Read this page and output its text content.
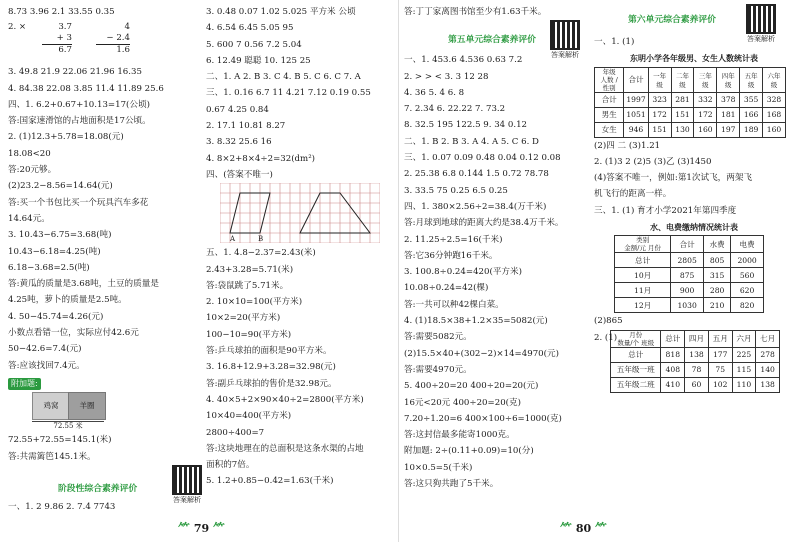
8.73 3.96 2.1 33.55 0.35
2. ×	3.7
+ 3
6.7
4
− 2.4
1.6
3. 49.8 21.9 22.06 21.96 16.35
4. 84.38 22.08 3.85 11.4 11.89 25.6
四、1. 6.2+0.67+10.13=17(公顷)
答:国家速滑馆的占地面积是17公顷。
2. (1)12.3+5.78=18.08(元)
18.08<20
答:20元够。
(2)23.2−8.56=14.64(元)
答:买一个书包比买一个玩具汽车多花
14.64元。
3. 10.43−6.75=3.68(吨)
10.43−6.18=4.25(吨)
6.18−3.68=2.5(吨)
答:黄瓜的质量是3.68吨，土豆的质量是
4.25吨，萝卜的质量是2.5吨。
4. 50−45.74=4.26(元)
小数点看错一位，实际应付42.6元
50−42.6=7.4(元)
答:应该找回7.4元。
附加题:
鸡窝	羊圈
72.55 米
72.55+72.55=145.1(米)
答:共需篱笆145.1米。
阶段性综合素养评价
答案解析
一、1. 2 9.86 2. 7.4 7743
3. 0.48 0.07 1.02 5.025 平方米 公顷
4. 6.54 6.45 5.05 95
5. 600 7 0.56 7.2 5.04
6. 12.49 聪聪 10. 125 25
二、1. A 2. B 3. C 4. B 5. C 6. C 7. A
三、1. 0.16 6.7 11 4.21 7.12 0.19 0.55
0.67 4.25 0.84
2. 17.1 10.81 8.27
3. 8.32 25.6 16
4. 8×2+8×4÷2=32(dm²)
四、(答案不唯一)
A	B
五、1. 4.8−2.37=2.43(米)
2.43+3.28=5.71(米)
答:袋鼠跳了5.71米。
2. 10×10=100(平方米)
10×2=20(平方米)
100−10=90(平方米)
答:乒乓球拍的面积是90平方米。
3. 16.8+12.9+3.28=32.98(元)
答:副乒乓球拍的售价是32.98元。
4. 40×5+2×90×40÷2=2800(平方米)
10×40=400(平方米)
2800÷400=7
答:这块地理在的总面积是这条水渠的占地
面积的7倍。
5. 1.2+0.85−0.42=1.63(千米)
答:丁丁家离图书馆至少有1.63千米。
第五单元综合素养评价
答案解析
一、1. 453.6 4.536 0.63 7.2
2. > > < 3. 3 12 28
4. 36 5. 4 6. 8
7. 2.34 6. 22.22 7. 73.2
8. 32.5 195 122.5 9. 34 0.12
二、1. B 2. B 3. A 4. A 5. C 6. D
三、1. 0.07 0.09 0.48 0.04 0.12 0.08
2. 25.38 6.8 0.144 1.5 0.72 78.78
3. 33.5 75 0.25 6.5 0.25
四、1. 380×2.56÷2=38.4(万千米)
答:月球到地球的距离大约是38.4万千米。
2. 11.25÷2.5=16(千米)
答:它36分钟跑16千米。
3. 100.8÷0.24=420(平方米)
10.08÷0.24=42(棵)
答:一共可以种42棵白菜。
4. (1)18.5×38+1.2×35=5082(元)
答:需要5082元。
(2)15.5×40+(302−2)×14=4970(元)
答:需要4970元。
5. 400÷20=20 400÷20=20(元)
16元<20元 400÷20=20(克)
7.20÷1.20=6 400×100÷6=1000(克)
答:这封信最多能寄1000克。
附加题: 2÷(0.11+0.09)=10(分)
10×0.5=5(千米)
答:这只狗共跑了5千米。
第六单元综合素养评价
答案解析
一、1. (1)
东明小学各年级男、女生人数统计表
年级
人数 / 性别	合计	一年级	二年级	三年级	四年级	五年级	六年级
合计	1997	323	281	332	378	355	328
男生	1051	172	151	172	181	166	168
女生	946	151	130	160	197	189	160
(2)四 二 (3)1.21
2. (1)3 2 (2)5 (3)乙 (3)1450
(4)答案不唯一，例如:第1次试飞，两架飞
机飞行的距离一样。
三、1. (1) 育才小学2021年第四季度
水、电费缴纳情况统计表
类别
金额/元 月份	合计	水费	电费
总计	2805	805	2000
10月	875	315	560
11月	900	280	620
12月	1030	210	820
(2)865
2. (1)	月份
数量/个 班级	总计	四月	五月	六月	七月
总计	818	138	177	225	278
五年级一班	408	78	75	115	140
五年级二班	410	60	102	110	138
⺮ 79 ⺮	⺮ 80 ⺮
